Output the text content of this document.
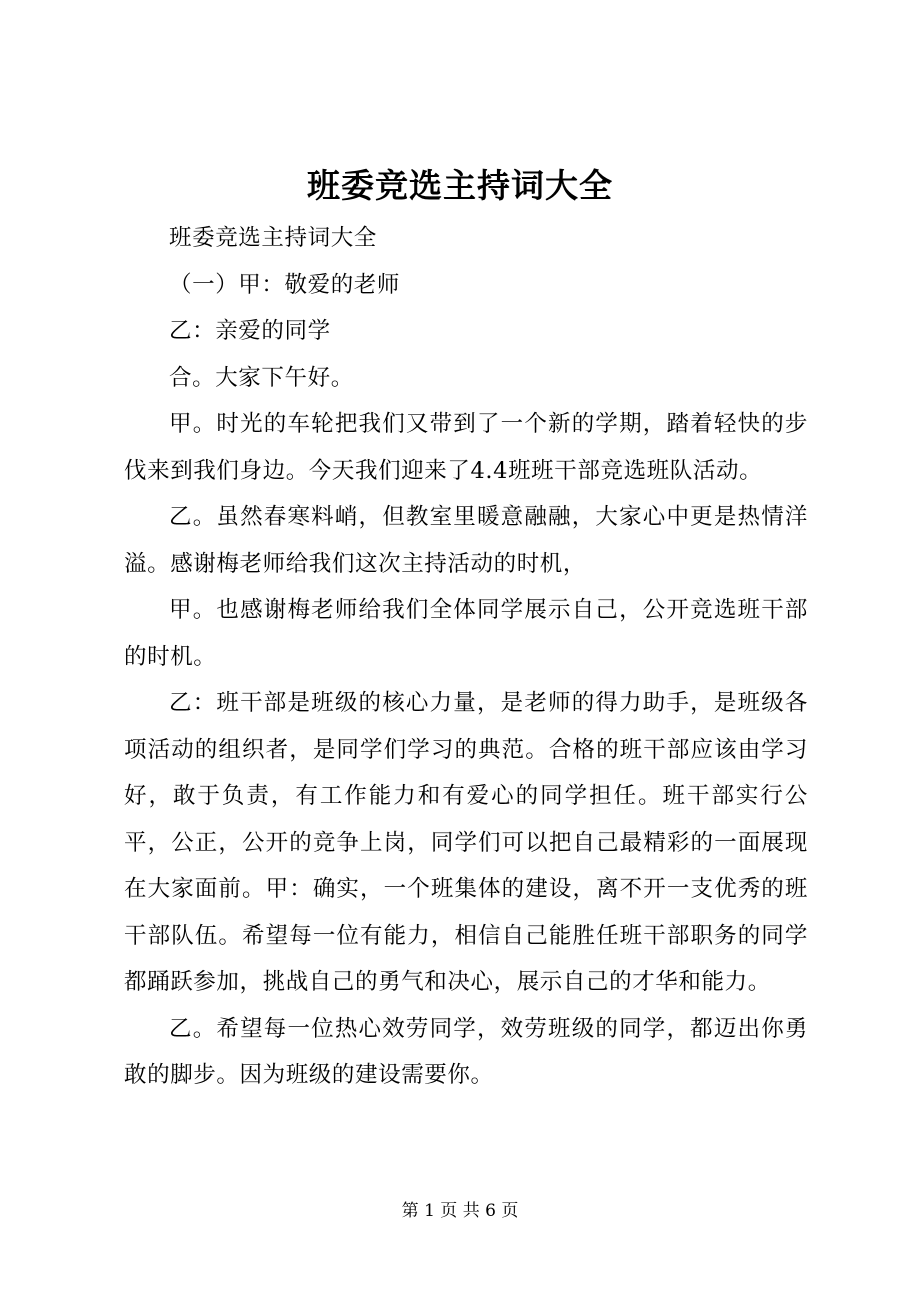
班委竞选主持词大全

班委竞选主持词大全

（一）甲：敬爱的老师

乙：亲爱的同学

合。大家下午好。

甲。时光的车轮把我们又带到了一个新的学期，踏着轻快的步伐来到我们身边。今天我们迎来了4.4班班干部竞选班队活动。

乙。虽然春寒料峭，但教室里暖意融融，大家心中更是热情洋溢。感谢梅老师给我们这次主持活动的时机，

甲。也感谢梅老师给我们全体同学展示自己，公开竞选班干部的时机。

乙：班干部是班级的核心力量，是老师的得力助手，是班级各项活动的组织者，是同学们学习的典范。合格的班干部应该由学习好，敢于负责，有工作能力和有爱心的同学担任。班干部实行公平，公正，公开的竞争上岗，同学们可以把自己最精彩的一面展现在大家面前。甲：确实，一个班集体的建设，离不开一支优秀的班干部队伍。希望每一位有能力，相信自己能胜任班干部职务的同学都踊跃参加，挑战自己的勇气和决心，展示自己的才华和能力。

乙。希望每一位热心效劳同学，效劳班级的同学，都迈出你勇敢的脚步。因为班级的建设需要你。

第 1 页 共 6 页
